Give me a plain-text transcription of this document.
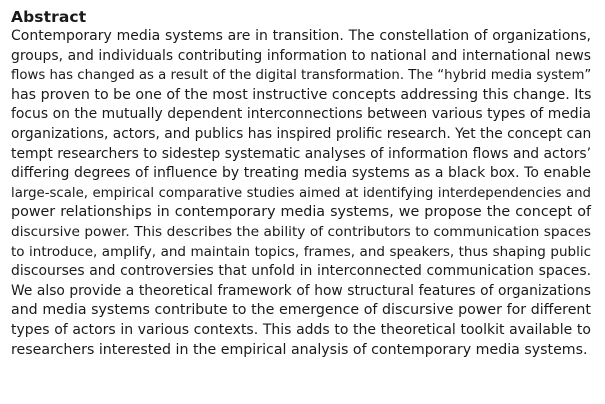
Abstract

Contemporary media systems are in transition. The constellation of organizations,
groups, and individuals contributing information to national and international news
flows has changed as a result of the digital transformation. The “hybrid media system”
has proven to be one of the most instructive concepts addressing this change. Its
focus on the mutually dependent interconnections between various types of media
organizations, actors, and publics has inspired prolific research. Yet the concept can
tempt researchers to sidestep systematic analyses of information flows and actors’
differing degrees of influence by treating media systems as a black box. To enable
large-scale, empirical comparative studies aimed at identifying interdependencies and
power relationships in contemporary media systems, we propose the concept of
discursive power. This describes the ability of contributors to communication spaces
to introduce, amplify, and maintain topics, frames, and speakers, thus shaping public
discourses and controversies that unfold in interconnected communication spaces.
We also provide a theoretical framework of how structural features of organizations
and media systems contribute to the emergence of discursive power for different
types of actors in various contexts. This adds to the theoretical toolkit available to
researchers interested in the empirical analysis of contemporary media systems.
